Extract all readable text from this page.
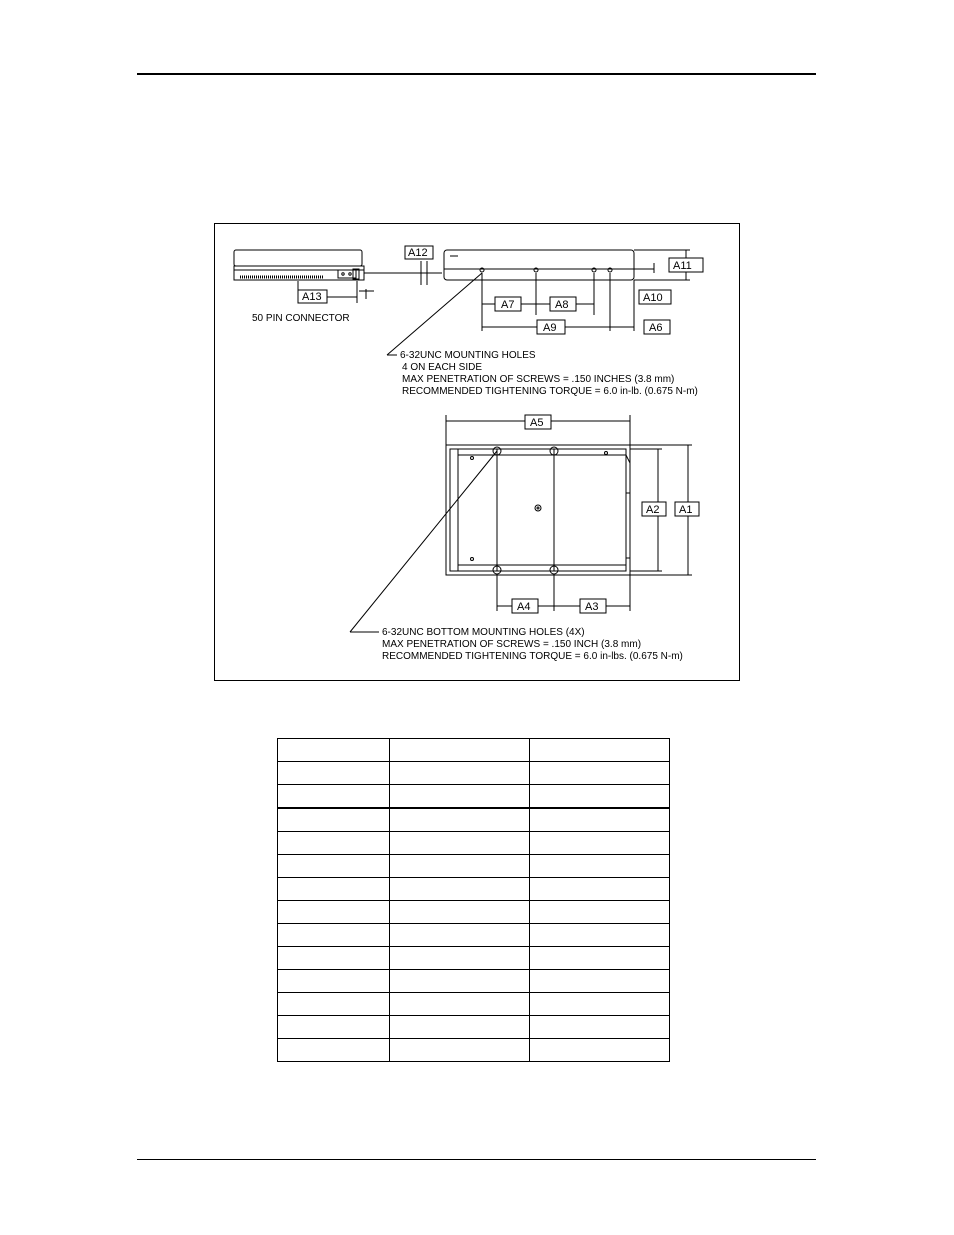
A13
50 PIN CONNECTOR
A12
A7	A8
A9	A6
A10
A11
6-32UNC MOUNTING HOLES
4 ON EACH SIDE
MAX PENETRATION OF SCREWS = .150 INCHES (3.8 mm)
RECOMMENDED TIGHTENING TORQUE = 6.0 in-lb. (0.675 N-m)
A5
A2 A1
A4	A3
6-32UNC BOTTOM MOUNTING HOLES (4X)
MAX PENETRATION OF SCREWS = .150 INCH (3.8 mm)
RECOMMENDED TIGHTENING TORQUE = 6.0 in-lbs. (0.675 N-m)
